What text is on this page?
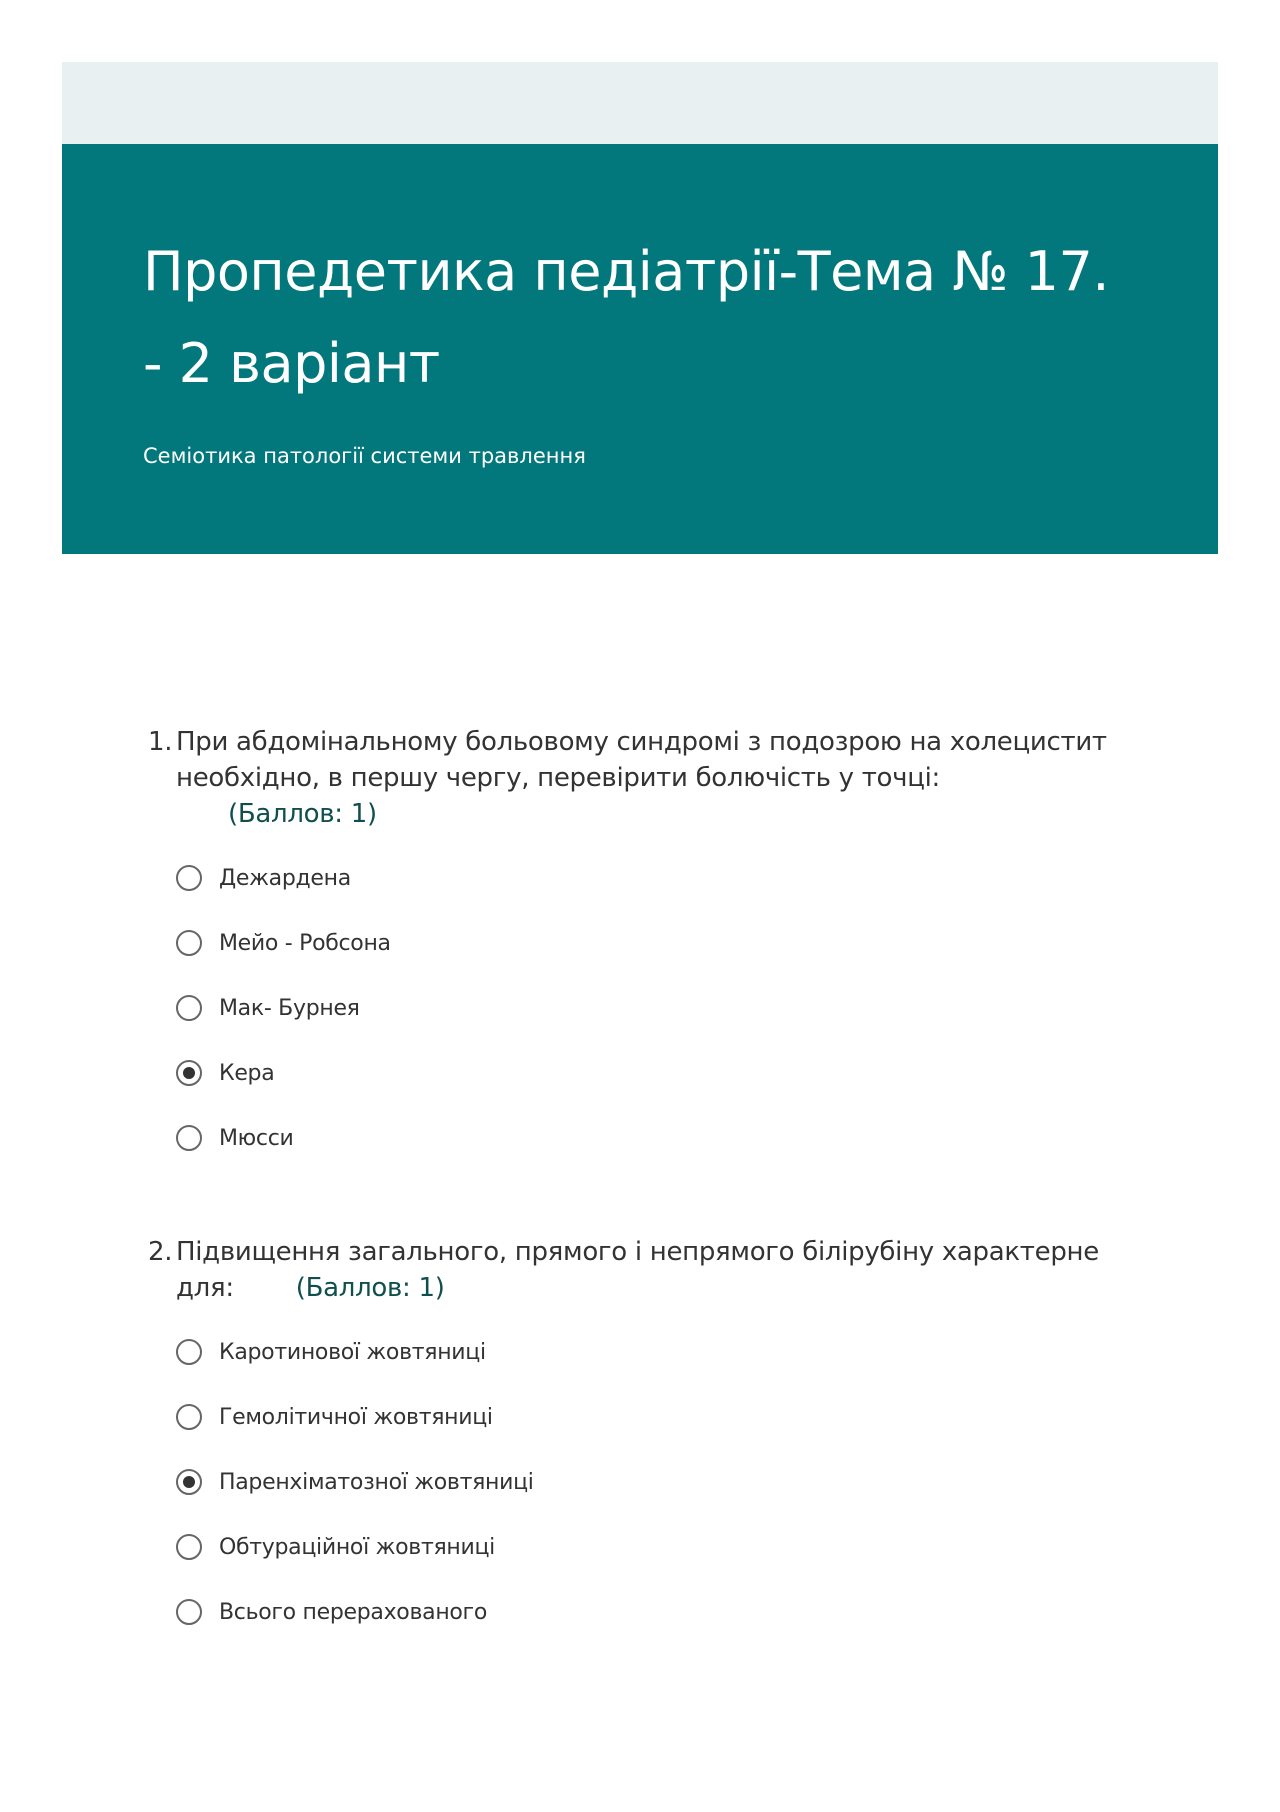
Пропедетика педіатрії-Тема № 17. - 2 варіант
Семіотика патології системи травлення
1. При абдомінальному больовому синдромі з подозрою на холецистит необхідно, в першу чергу, перевірити болючість у точці: (Баллов: 1)
Дежардена
Мейо - Робсона
Мак- Бурнея
Кера
Мюсси
2. Підвищення загального, прямого і непрямого білірубіну характерне для: (Баллов: 1)
Каротинової жовтяниці
Гемолітичної жовтяниці
Паренхіматозної жовтяниці
Обтураційної жовтяниці
Всього перерахованого
